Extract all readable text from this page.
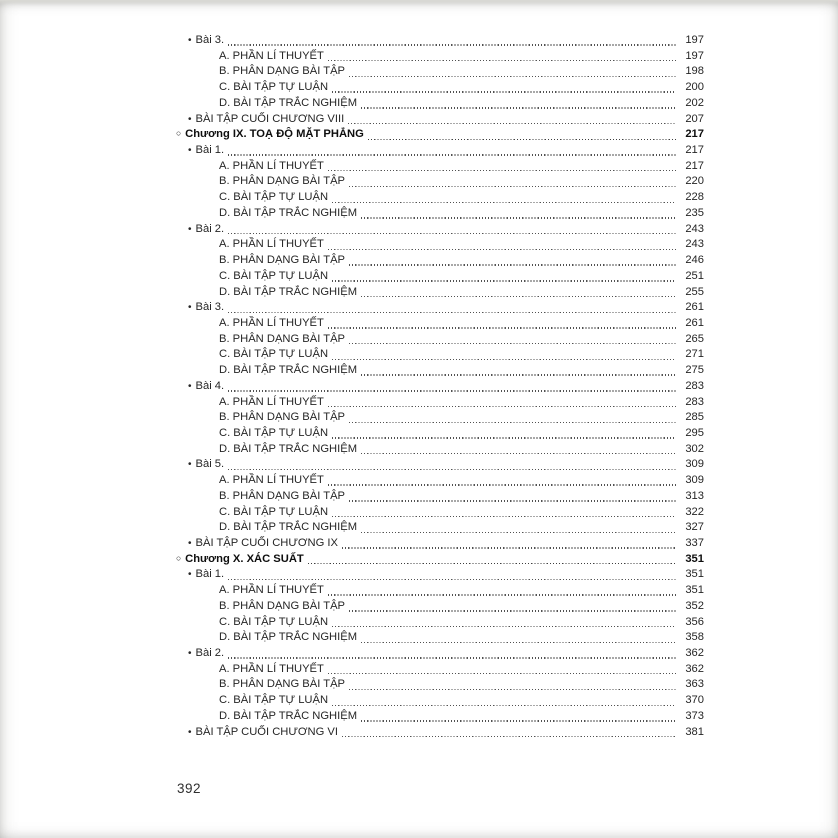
• Bài 3.	197
A. PHẦN LÍ THUYẾT	197
B. PHÂN DẠNG BÀI TẬP	198
C. BÀI TẬP TỰ LUẬN	200
D. BÀI TẬP TRẮC NGHIỆM	202
• BÀI TẬP CUỐI CHƯƠNG VIII	207
○ Chương IX. TOẠ ĐỘ MẶT PHẲNG	217
• Bài 1.	217
A. PHẦN LÍ THUYẾT	217
B. PHÂN DẠNG BÀI TẬP	220
C. BÀI TẬP TỰ LUẬN	228
D. BÀI TẬP TRẮC NGHIỆM	235
• Bài 2.	243
A. PHẦN LÍ THUYẾT	243
B. PHÂN DẠNG BÀI TẬP	246
C. BÀI TẬP TỰ LUẬN	251
D. BÀI TẬP TRẮC NGHIỆM	255
• Bài 3.	261
A. PHẦN LÍ THUYẾT	261
B. PHÂN DẠNG BÀI TẬP	265
C. BÀI TẬP TỰ LUẬN	271
D. BÀI TẬP TRẮC NGHIỆM	275
• Bài 4.	283
A. PHẦN LÍ THUYẾT	283
B. PHÂN DẠNG BÀI TẬP	285
C. BÀI TẬP TỰ LUẬN	295
D. BÀI TẬP TRẮC NGHIỆM	302
• Bài 5.	309
A. PHẦN LÍ THUYẾT	309
B. PHÂN DẠNG BÀI TẬP	313
C. BÀI TẬP TỰ LUẬN	322
D. BÀI TẬP TRẮC NGHIỆM	327
• BÀI TẬP CUỐI CHƯƠNG IX	337
○ Chương X. XÁC SUẤT	351
• Bài 1.	351
A. PHẦN LÍ THUYẾT	351
B. PHÂN DẠNG BÀI TẬP	352
C. BÀI TẬP TỰ LUẬN	356
D. BÀI TẬP TRẮC NGHIỆM	358
• Bài 2.	362
A. PHẦN LÍ THUYẾT	362
B. PHÂN DẠNG BÀI TẬP	363
C. BÀI TẬP TỰ LUẬN	370
D. BÀI TẬP TRẮC NGHIỆM	373
• BÀI TẬP CUỐI CHƯƠNG VI	381
392
